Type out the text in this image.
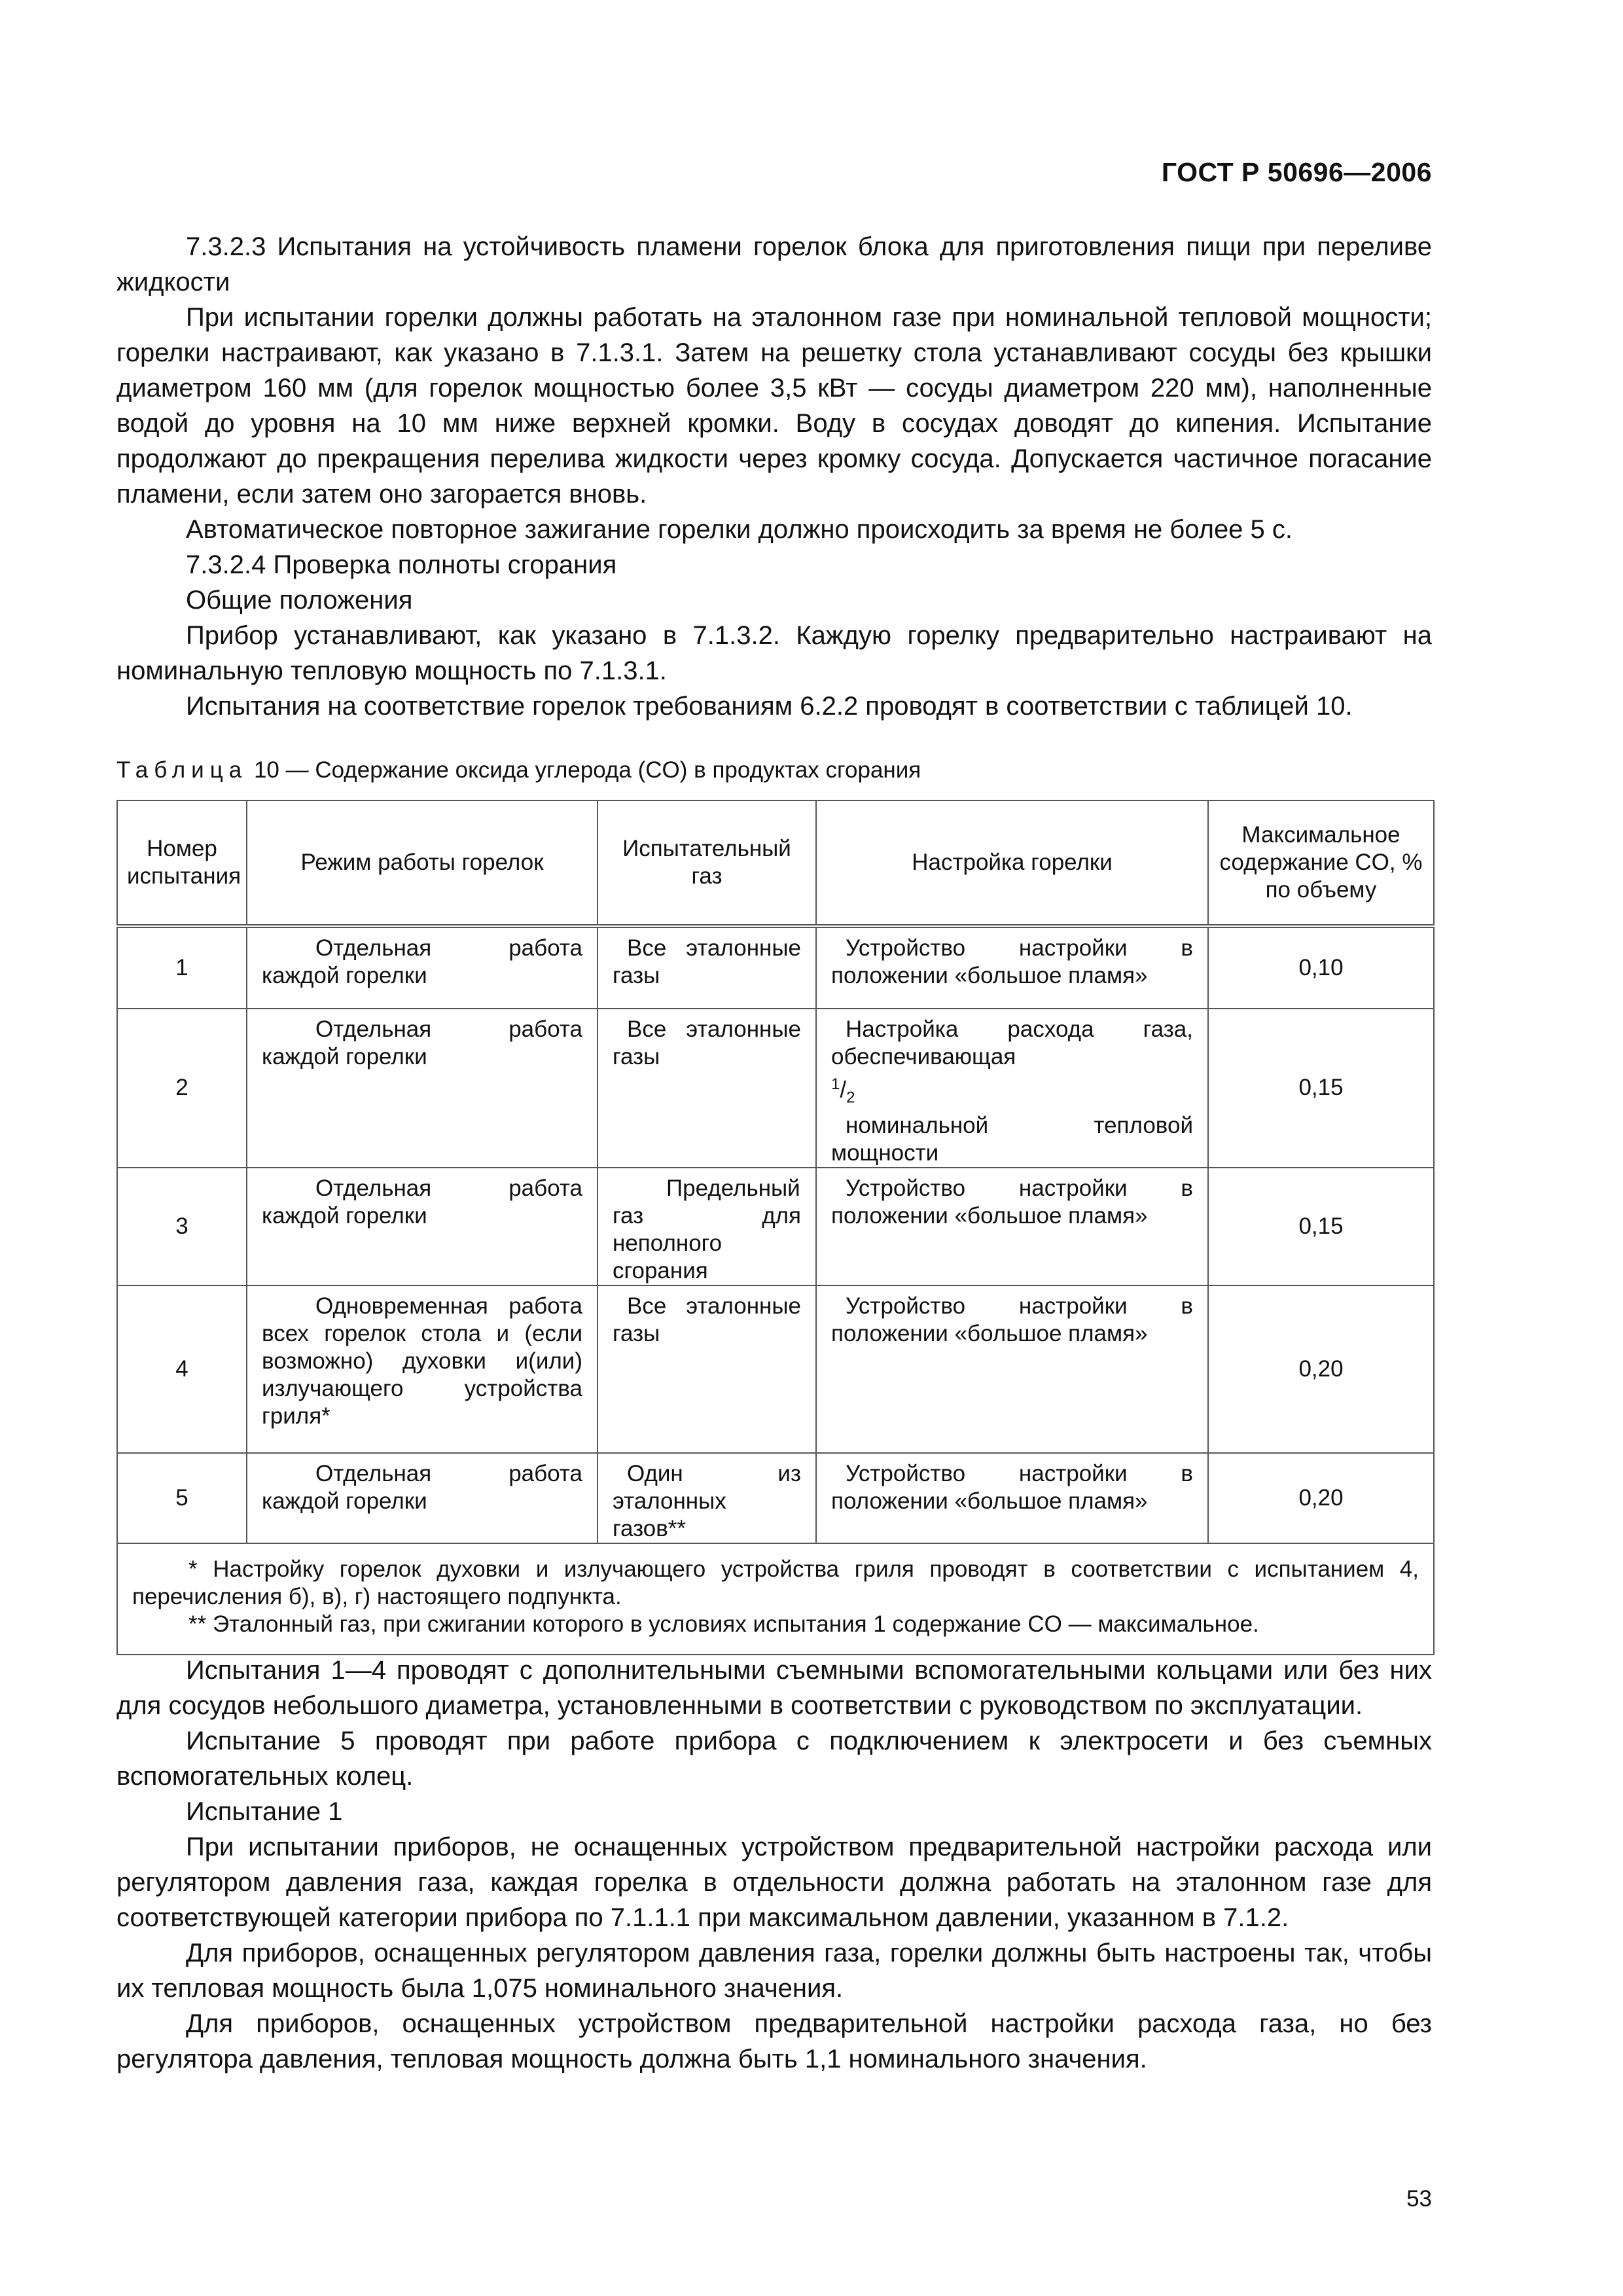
ГОСТ Р 50696—2006

7.3.2.3 Испытания на устойчивость пламени горелок блока для приготовления пищи при переливе жидкости

При испытании горелки должны работать на эталонном газе при номинальной тепловой мощности; горелки настраивают, как указано в 7.1.3.1. Затем на решетку стола устанавливают сосуды без крышки диаметром 160 мм (для горелок мощностью более 3,5 кВт — сосуды диаметром 220 мм), наполненные водой до уровня на 10 мм ниже верхней кромки. Воду в сосудах доводят до кипения. Испытание продолжают до прекращения перелива жидкости через кромку сосуда. Допускается частичное погасание пламени, если затем оно загорается вновь.

Автоматическое повторное зажигание горелки должно происходить за время не более 5 с.

7.3.2.4 Проверка полноты сгорания

Общие положения

Прибор устанавливают, как указано в 7.1.3.2. Каждую горелку предварительно настраивают на номинальную тепловую мощность по 7.1.3.1.

Испытания на соответствие горелок требованиям 6.2.2 проводят в соответствии с таблицей 10.

Таблица 10 — Содержание оксида углерода (CO) в продуктах сгорания
Номер испытания	Режим работы горелок	Испытательный газ	Настройка горелки	Максимальное содержание CO, % по объему
1	Отдельная работа каждой горелки	Все эталонные газы	Устройство настройки в положении «большое пламя»	0,10
2	Отдельная работа каждой горелки	Все эталонные газы	Настройка расхода газа, обеспечивающая
$^1/_2$
номинальной тепловой мощности	0,15
3	Отдельная работа каждой горелки	Предельный газ для неполного сгорания	Устройство настройки в положении «большое пламя»	0,15
4	Одновременная работа всех горелок стола и (если возможно) духовки и(или) излучающего устройства гриля*	Все эталонные газы	Устройство настройки в положении «большое пламя»	0,20
5	Отдельная работа каждой горелки	Один из эталонных газов**	Устройство настройки в положении «большое пламя»	0,20

* Настройку горелок духовки и излучающего устройства гриля проводят в соответствии с испытанием 4, перечисления б), в), г) настоящего подпункта.

** Эталонный газ, при сжигании которого в условиях испытания 1 содержание CO — максимальное.				

Испытания 1—4 проводят с дополнительными съемными вспомогательными кольцами или без них для сосудов небольшого диаметра, установленными в соответствии с руководством по эксплуатации.

Испытание 5 проводят при работе прибора с подключением к электросети и без съемных вспомогательных колец.

Испытание 1

При испытании приборов, не оснащенных устройством предварительной настройки расхода или регулятором давления газа, каждая горелка в отдельности должна работать на эталонном газе для соответствующей категории прибора по 7.1.1.1 при максимальном давлении, указанном в 7.1.2.

Для приборов, оснащенных регулятором давления газа, горелки должны быть настроены так, чтобы их тепловая мощность была 1,075 номинального значения.

Для приборов, оснащенных устройством предварительной настройки расхода газа, но без регулятора давления, тепловая мощность должна быть 1,1 номинального значения.

53
